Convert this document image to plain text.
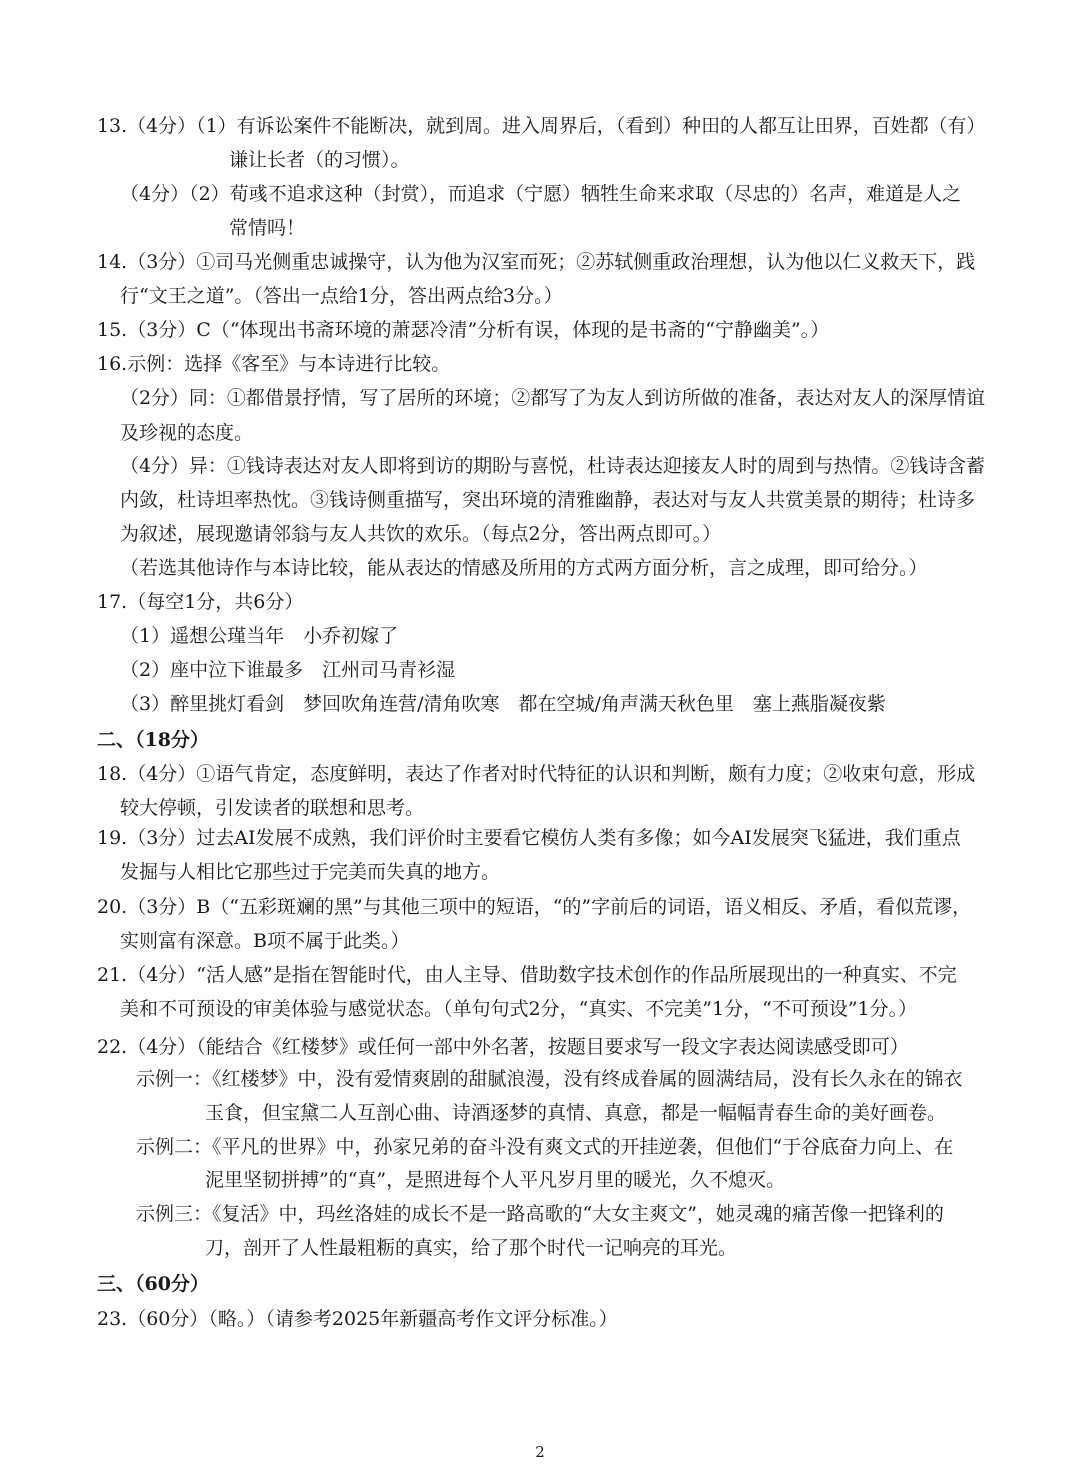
13.（4分）（1）有诉讼案件不能断决，就到周。进入周界后，（看到）种田的人都互让田界，百姓都（有）
谦让长者（的习惯）。
（4分）（2）荀彧不追求这种（封赏），而追求（宁愿）牺牲生命来求取（尽忠的）名声，难道是人之
常情吗！
14.（3分）①司马光侧重忠诚操守，认为他为汉室而死；②苏轼侧重政治理想，认为他以仁义救天下，践
行“文王之道”。（答出一点给1分，答出两点给3分。）
15.（3分）C（“体现出书斋环境的萧瑟冷清”分析有误，体现的是书斋的“宁静幽美”。）
16.示例：选择《客至》与本诗进行比较。
（2分）同：①都借景抒情，写了居所的环境；②都写了为友人到访所做的准备，表达对友人的深厚情谊
及珍视的态度。
（4分）异：①钱诗表达对友人即将到访的期盼与喜悦，杜诗表达迎接友人时的周到与热情。②钱诗含蓄
内敛，杜诗坦率热忱。③钱诗侧重描写，突出环境的清雅幽静，表达对与友人共赏美景的期待；杜诗多
为叙述，展现邀请邻翁与友人共饮的欢乐。（每点2分，答出两点即可。）
（若选其他诗作与本诗比较，能从表达的情感及所用的方式两方面分析，言之成理，即可给分。）
17.（每空1分，共6分）
（1）遥想公瑾当年　小乔初嫁了
（2）座中泣下谁最多　江州司马青衫湿
（3）醉里挑灯看剑　梦回吹角连营/清角吹寒　都在空城/角声满天秋色里　塞上燕脂凝夜紫
二、（18分）
18.（4分）①语气肯定，态度鲜明，表达了作者对时代特征的认识和判断，颇有力度；②收束句意，形成
较大停顿，引发读者的联想和思考。
19.（3分）过去AI发展不成熟，我们评价时主要看它模仿人类有多像；如今AI发展突飞猛进，我们重点
发掘与人相比它那些过于完美而失真的地方。
20.（3分）B（“五彩斑斓的黑”与其他三项中的短语，“的”字前后的词语，语义相反、矛盾，看似荒谬，
实则富有深意。B项不属于此类。）
21.（4分）“活人感”是指在智能时代，由人主导、借助数字技术创作的作品所展现出的一种真实、不完
美和不可预设的审美体验与感觉状态。（单句句式2分，“真实、不完美”1分，“不可预设”1分。）
22.（4分）（能结合《红楼梦》或任何一部中外名著，按题目要求写一段文字表达阅读感受即可）
示例一：《红楼梦》中，没有爱情爽剧的甜腻浪漫，没有终成眷属的圆满结局，没有长久永在的锦衣
玉食，但宝黛二人互剖心曲、诗酒逐梦的真情、真意，都是一幅幅青春生命的美好画卷。
示例二：《平凡的世界》中，孙家兄弟的奋斗没有爽文式的开挂逆袭，但他们“于谷底奋力向上、在
泥里坚韧拼搏”的“真”，是照进每个人平凡岁月里的暖光，久不熄灭。
示例三：《复活》中，玛丝洛娃的成长不是一路高歌的“大女主爽文”，她灵魂的痛苦像一把锋利的
刀，剖开了人性最粗粝的真实，给了那个时代一记响亮的耳光。
三、（60分）
23.（60分）（略。）（请参考2025年新疆高考作文评分标准。）
2
